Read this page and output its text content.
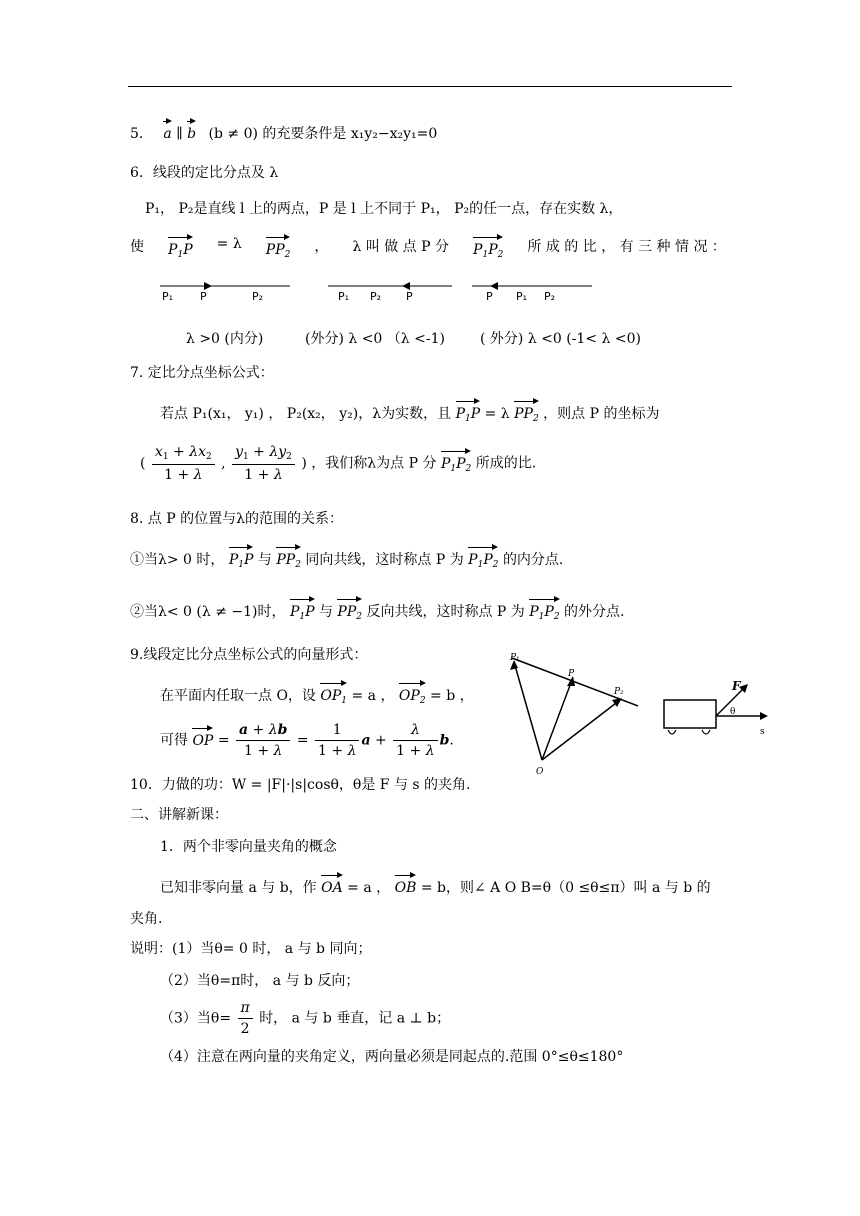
5． a ∥ b (b ≠ 0) 的充要条件是 x₁y₂−x₂y₁=0
6．线段的定比分点及 λ
P₁， P₂是直线 l 上的两点，P 是 l 上不同于 P₁， P₂的任一点，存在实数 λ，
使 $P_1P = \lambda$ $PP_2$ ， λ 叫 做 点 P 分 $P_1P_2$ 所 成 的 比 ， 有 三 种 情 况 ：
P₁ P	P₂	P₁ P₂ P	P P₁ P₂
λ >0 (内分)	(外分) λ <0 （λ <-1)	( 外分) λ <0 (-1< λ <0)
7. 定比分点坐标公式：
若点 P₁(x₁， y₁) ， P₂(x₂， y₂)，λ为实数，且 $P_1P = \lambda$ $PP_2$ ，则点 P 的坐标为
( $\frac{x_1 + \lambda x_2}{1 + \lambda}$ , $\frac{y_1 + \lambda y_2}{1 + \lambda}$ ) ，我们称λ为点 P 分 $P_1P_2$ 所成的比.
8. 点 P 的位置与λ的范围的关系：
①当λ> 0 时， $P_1P$ 与 $PP_2$ 同向共线，这时称点 P 为 $P_1P_2$ 的内分点.
②当λ< 0 (λ ≠ −1)时， $P_1P$ 与 $PP_2$ 反向共线，这时称点 P 为 $P_1P_2$ 的外分点.
9.线段定比分点坐标公式的向量形式：
在平面内任取一点 O，设 $OP_1 = a$ ， $OP_2 = b$ ，
可得 OP = $\frac{a + \lambda b}{1 + \lambda} = \frac{1}{1 + \lambda}$ $a + \frac{\lambda}{1 + \lambda} b$.
P₁
P
P₂
O
F
θ
s
10．力做的功：W = |F|·|s|cosθ，θ是 F 与 s 的夹角.
二、讲解新课：
1．两个非零向量夹角的概念
已知非零向量 a 与 b，作 OA = a ， OB = b，则∠ A O B=θ（0 ≤θ≤π）叫 a 与 b 的
夹角.
说明：(1）当θ= 0 时， a 与 b 同向；
（2）当θ=π时， a 与 b 反向；
（3）当$\theta= \frac{\pi}{2}$ 时， a 与 b 垂直，记 a ⊥ b；
（4）注意在两向量的夹角定义，两向量必须是同起点的.范围 0°≤θ≤180°
